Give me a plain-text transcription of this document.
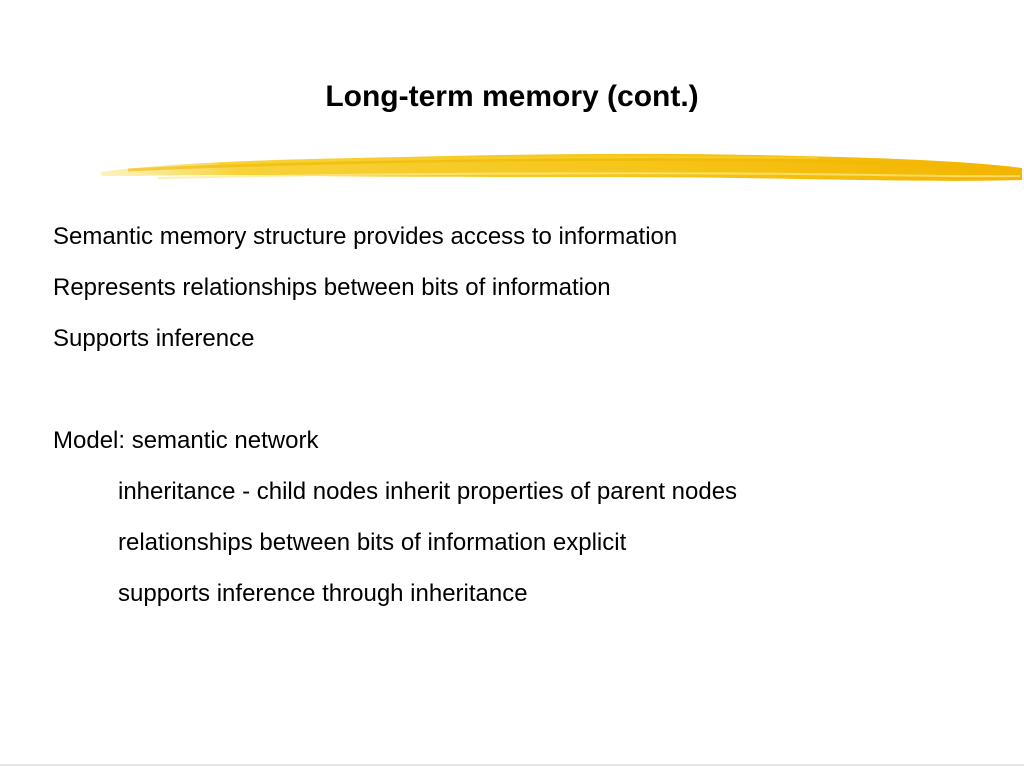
Long-term memory (cont.)
Semantic memory structure provides access to information
Represents relationships between bits of information
Supports inference
Model: semantic network
inheritance - child nodes inherit properties of parent nodes
relationships between bits of information explicit
supports inference through inheritance
